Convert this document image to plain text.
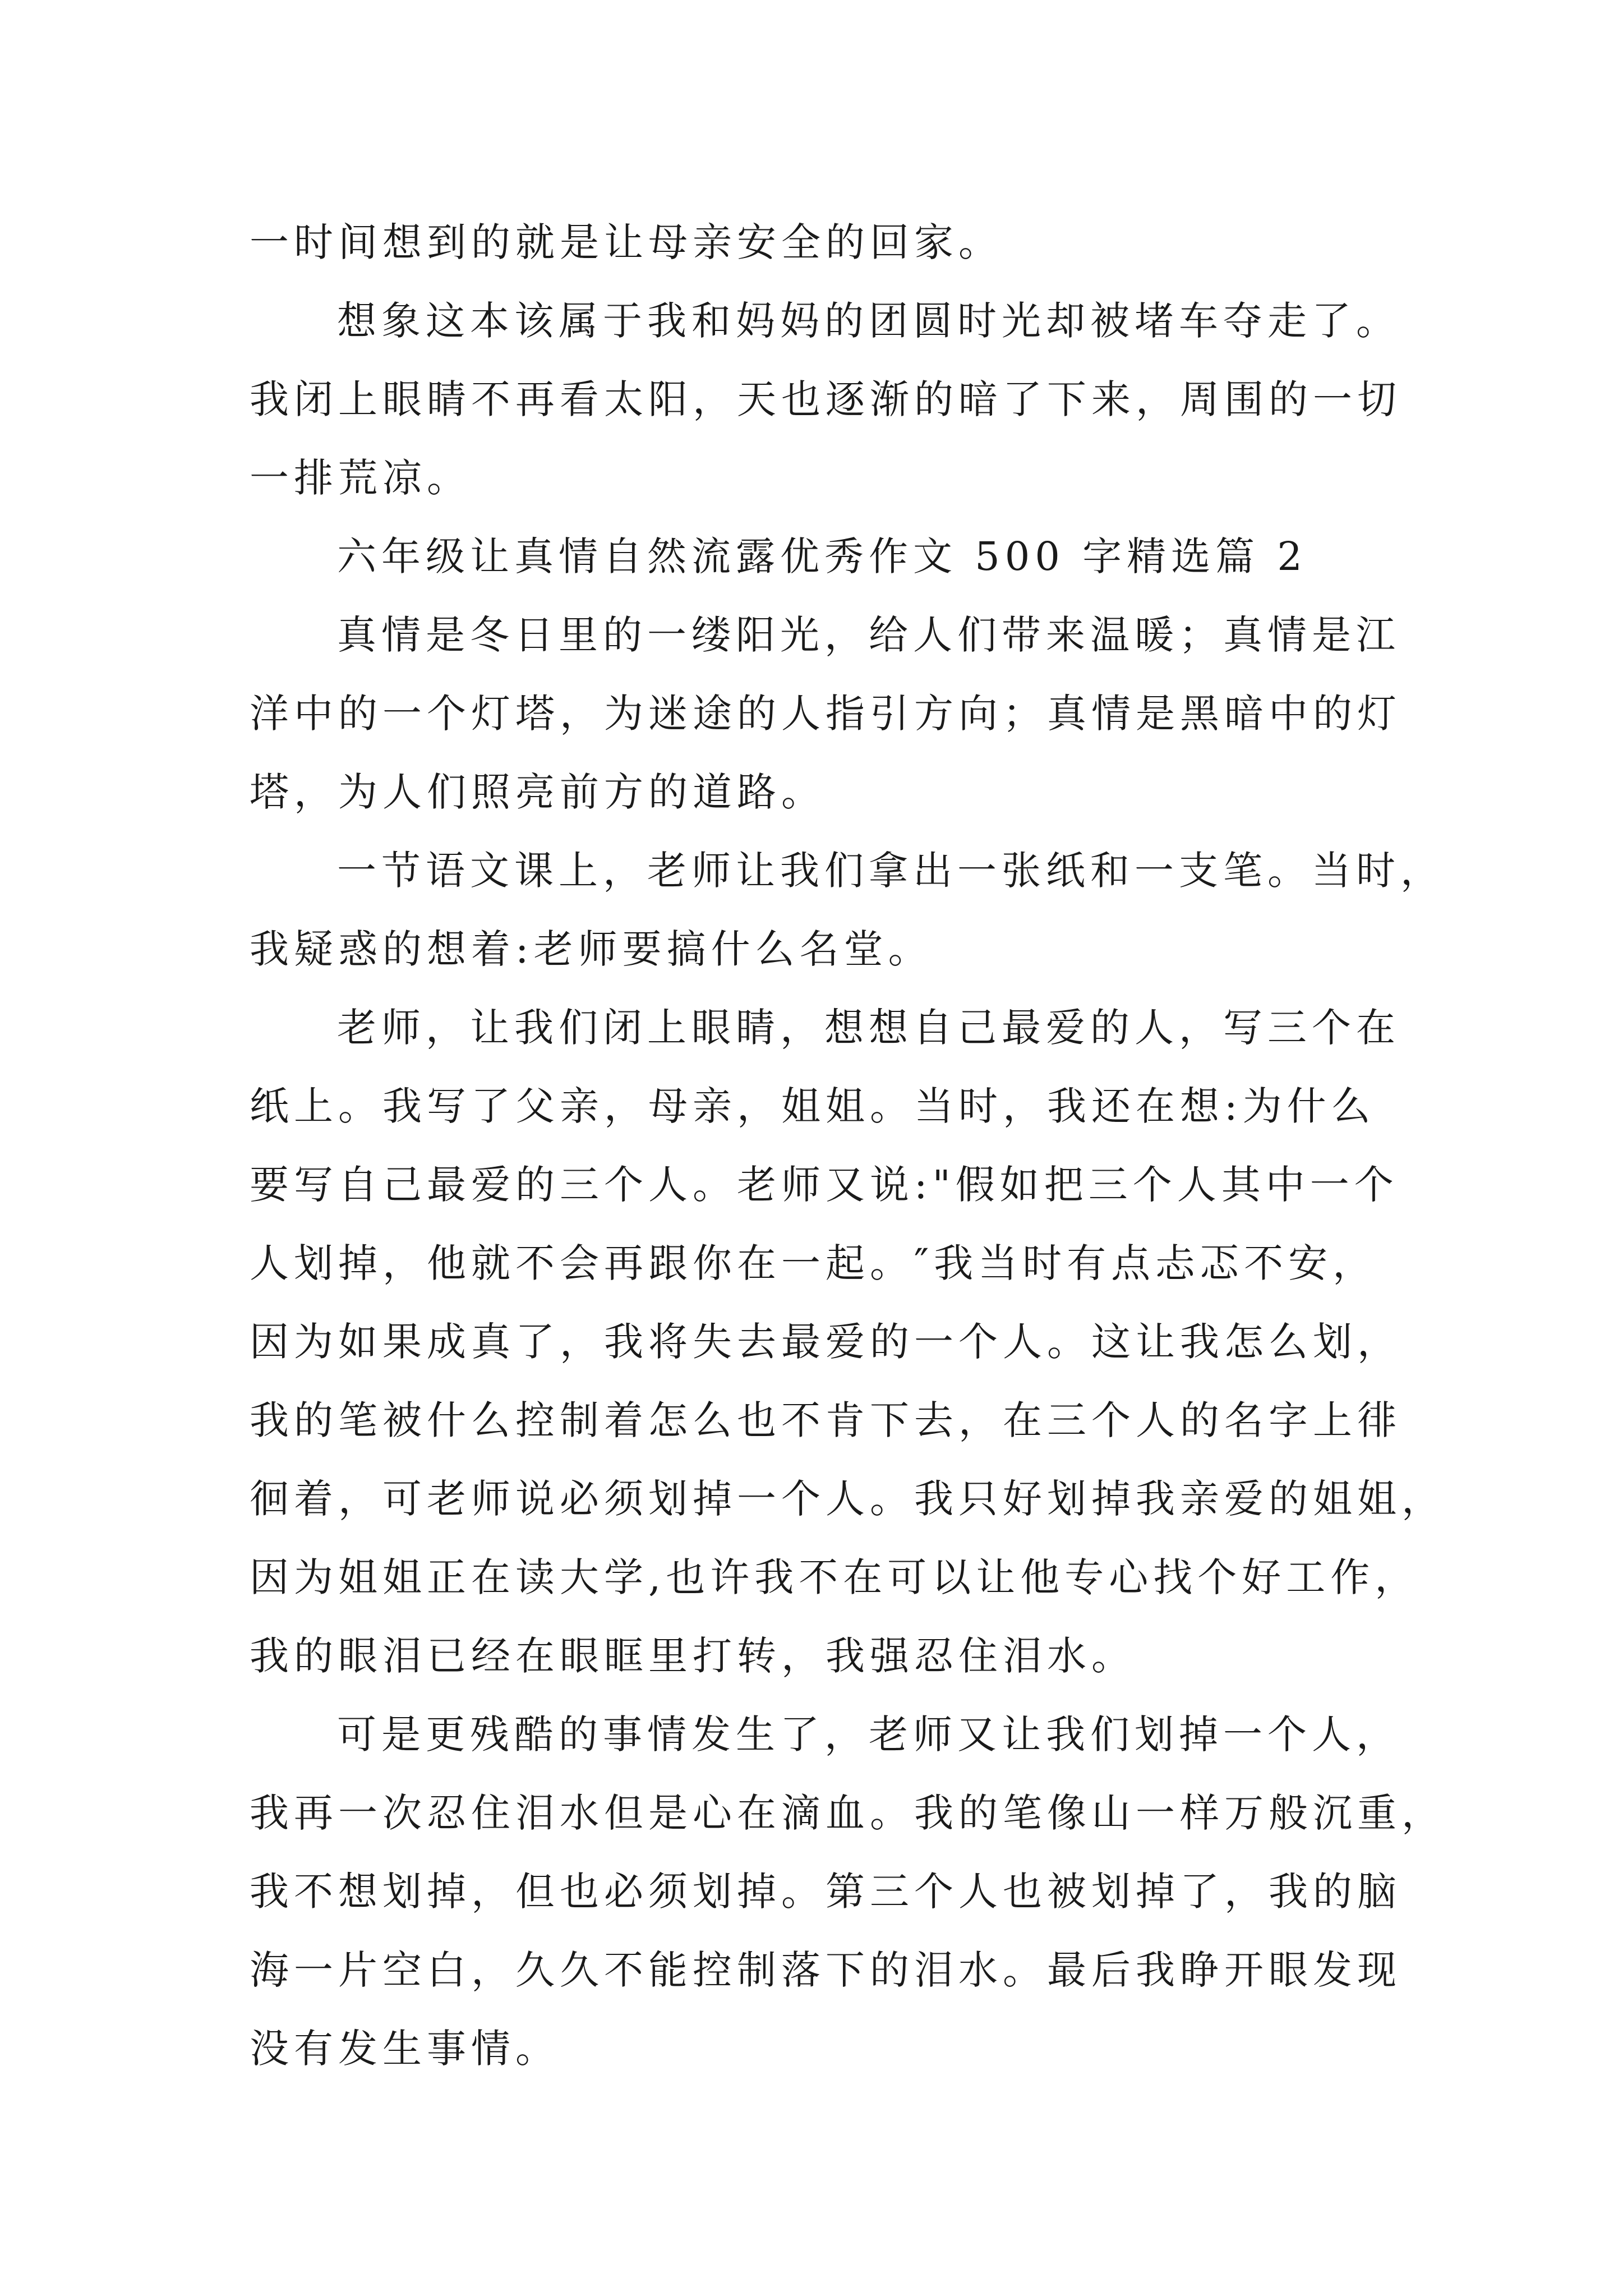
一时间想到的就是让母亲安全的回家。
想象这本该属于我和妈妈的团圆时光却被堵车夺走了。
我闭上眼睛不再看太阳，天也逐渐的暗了下来，周围的一切
一排荒凉。
六年级让真情自然流露优秀作文 500 字精选篇 2
真情是冬日里的一缕阳光，给人们带来温暖；真情是江
洋中的一个灯塔，为迷途的人指引方向；真情是黑暗中的灯
塔，为人们照亮前方的道路。
一节语文课上，老师让我们拿出一张纸和一支笔。当时，
我疑惑的想着:老师要搞什么名堂。
老师，让我们闭上眼睛，想想自己最爱的人，写三个在
纸上。我写了父亲，母亲，姐姐。当时，我还在想:为什么
要写自己最爱的三个人。老师又说:"假如把三个人其中一个
人划掉，他就不会再跟你在一起。″我当时有点忐忑不安，
因为如果成真了，我将失去最爱的一个人。这让我怎么划，
我的笔被什么控制着怎么也不肯下去，在三个人的名字上徘
徊着，可老师说必须划掉一个人。我只好划掉我亲爱的姐姐，
因为姐姐正在读大学,也许我不在可以让他专心找个好工作，
我的眼泪已经在眼眶里打转，我强忍住泪水。
可是更残酷的事情发生了，老师又让我们划掉一个人，
我再一次忍住泪水但是心在滴血。我的笔像山一样万般沉重，
我不想划掉，但也必须划掉。第三个人也被划掉了，我的脑
海一片空白，久久不能控制落下的泪水。最后我睁开眼发现
没有发生事情。
